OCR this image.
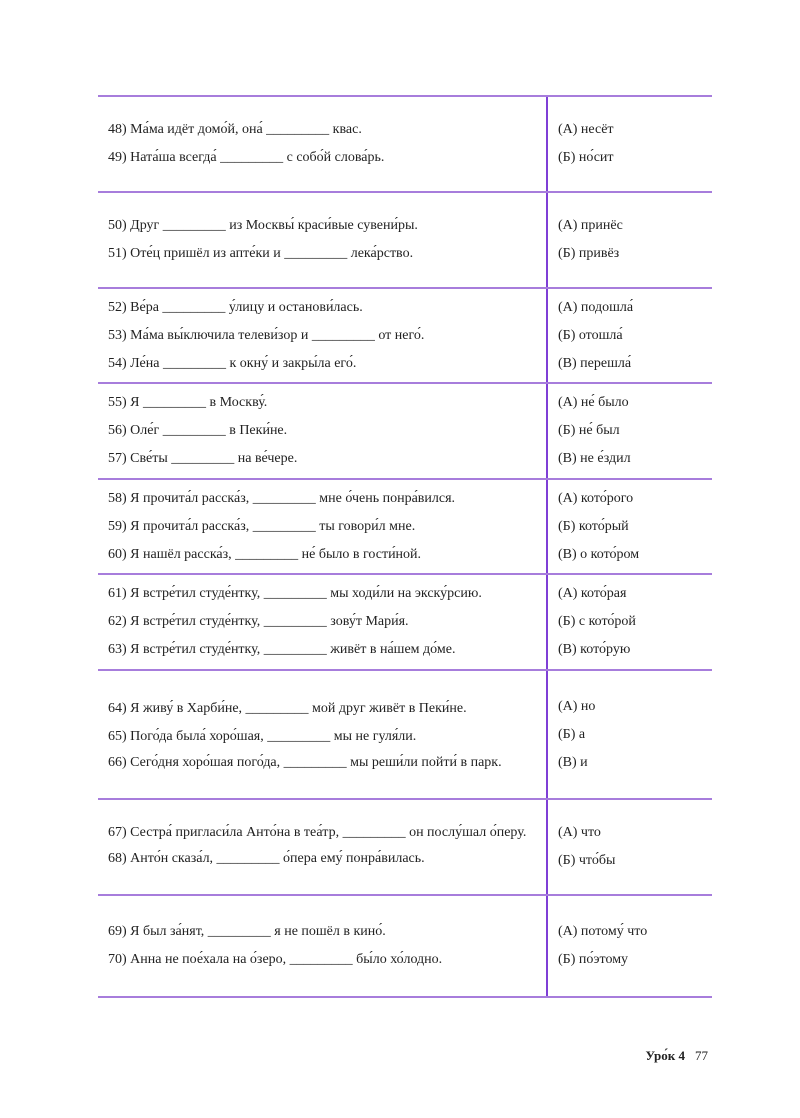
48) Ма́ма идёт домо́й, она́ _________ квас.
49) Ната́ша всегда́ _________ с собо́й слова́рь.
(А) несёт
(Б) но́сит
50) Друг _________ из Москвы́ краси́вые сувени́ры.
51) Оте́ц пришёл из апте́ки и _________ лека́рство.
(А) принёс
(Б) привёз
52) Ве́ра _________ у́лицу и останови́лась.
53) Ма́ма вы́ключила телеви́зор и _________ от него́.
54) Ле́на _________ к окну́ и закры́ла его́.
(А) подошла́
(Б) отошла́
(В) перешла́
55) Я _________ в Москву́.
56) Оле́г _________ в Пеки́не.
57) Све́ты _________ на ве́чере.
(А) не́ было
(Б) не́ был
(В) не е́здил
58) Я прочита́л расска́з, _________ мне о́чень понра́вился.
59) Я прочита́л расска́з, _________ ты говори́л мне.
60) Я нашёл расска́з, _________ не́ было в гости́ной.
(А) кото́рого
(Б) кото́рый
(В) о кото́ром
61) Я встре́тил студе́нтку, _________ мы ходи́ли на экску́рсию.
62) Я встре́тил студе́нтку, _________ зову́т Мари́я.
63) Я встре́тил студе́нтку, _________ живёт в на́шем до́ме.
(А) кото́рая
(Б) с кото́рой
(В) кото́рую
64) Я живу́ в Харби́не, _________ мой друг живёт в Пеки́не.
65) Пого́да была́ хоро́шая, _________ мы не гуля́ли.
66) Сего́дня хоро́шая пого́да, _________ мы реши́ли пойти́ в парк.
(А) но
(Б) а
(В) и
67) Сестра́ пригласи́ла Анто́на в теа́тр, _________ он послу́шал о́перу.
68) Анто́н сказа́л, _________ о́пера ему́ понра́вилась.
(А) что
(Б) что́бы
69) Я был за́нят, _________ я не пошёл в кино́.
70) Анна не пое́хала на о́зеро, _________ бы́ло хо́лодно.
(А) потому́ что
(Б) по́этому
Уро́к 4 77
